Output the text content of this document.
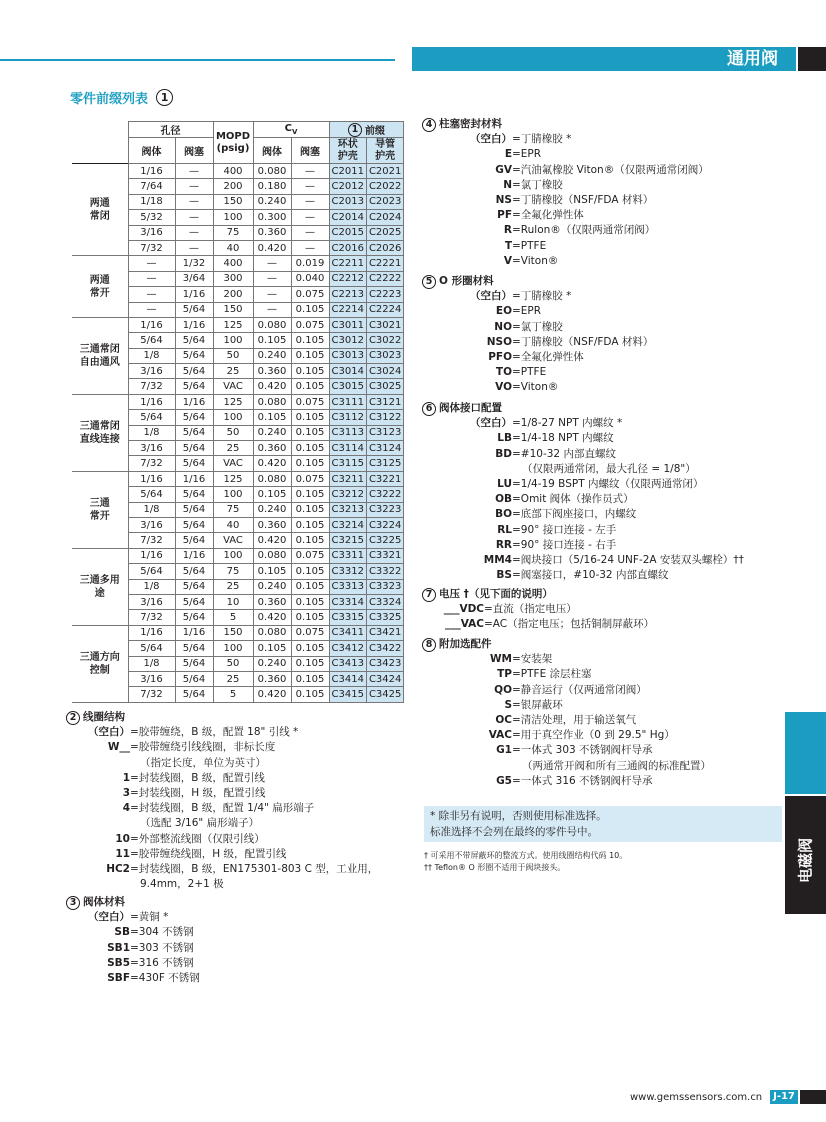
通用阀
零件前缀列表	1
	孔径		MOPD
(psig)	$C_V$		1 前缀	

	阀体	阀塞		阀体	阀塞	环状
护壳	导管
护壳

两通
常闭	1/16	—	400	0.080	—	C2011	C2021
	7/64	—	200	0.180	—	C2012	C2022
	1/18	—	150	0.240	—	C2013	C2023
	5/32	—	100	0.300	—	C2014	C2024
	3/16	—	75	0.360	—	C2015	C2025
	7/32	—	40	0.420	—	C2016	C2026

两通
常开	—	1/32	400	—	0.019	C2211	C2221
	—	3/64	300	—	0.040	C2212	C2222
	—	1/16	200	—	0.075	C2213	C2223
	—	5/64	150	—	0.105	C2214	C2224

三通常闭
自由通风	1/16	1/16	125	0.080	0.075	C3011	C3021
	5/64	5/64	100	0.105	0.105	C3012	C3022
	1/8	5/64	50	0.240	0.105	C3013	C3023
	3/16	5/64	25	0.360	0.105	C3014	C3024
	7/32	5/64	VAC	0.420	0.105	C3015	C3025

三通常闭
直线连接	1/16	1/16	125	0.080	0.075	C3111	C3121
	5/64	5/64	100	0.105	0.105	C3112	C3122
	1/8	5/64	50	0.240	0.105	C3113	C3123
	3/16	5/64	25	0.360	0.105	C3114	C3124
	7/32	5/64	VAC	0.420	0.105	C3115	C3125

三通
常开	1/16	1/16	125	0.080	0.075	C3211	C3221
	5/64	5/64	100	0.105	0.105	C3212	C3222
	1/8	5/64	75	0.240	0.105	C3213	C3223
	3/16	5/64	40	0.360	0.105	C3214	C3224
	7/32	5/64	VAC	0.420	0.105	C3215	C3225

三通多用
途	1/16	1/16	100	0.080	0.075	C3311	C3321
	5/64	5/64	75	0.105	0.105	C3312	C3322
	1/8	5/64	25	0.240	0.105	C3313	C3323
	3/16	5/64	10	0.360	0.105	C3314	C3324
	7/32	5/64	5	0.420	0.105	C3315	C3325

三通方向
控制	1/16	1/16	150	0.080	0.075	C3411	C3421
	5/64	5/64	100	0.105	0.105	C3412	C3422
	1/8	5/64	50	0.240	0.105	C3413	C3423
	3/16	5/64	25	0.360	0.105	C3414	C3424
	7/32	5/64	5	0.420	0.105	C3415	C3425
2 线圈结构
（空白） =胶带缠绕，B 级，配置 18" 引线 *
W__ =胶带缠绕引线线圈，非标长度
（指定长度，单位为英寸）
1 =封装线圈，B 级，配置引线
3 =封装线圈，H 级，配置引线
4 =封装线圈，B 级，配置 1/4" 扁形端子
（选配 3/16" 扁形端子）
10 =外部整流线圈（仅限引线）
11 =胶带缠绕线圈，H 级，配置引线
HC2 =封装线圈，B 级，EN175301-803 C 型，工业用，
9.4mm，2+1 极
3 阀体材料
（空白） =黄铜 *
SB =304 不锈钢
SB1 =303 不锈钢
SB5 =316 不锈钢
SBF =430F 不锈钢
4 柱塞密封材料
（空白） =丁腈橡胶 *
E =EPR
GV =汽油氟橡胶 Viton®（仅限两通常闭阀）
N =氯丁橡胶
NS =丁腈橡胶（NSF/FDA 材料）
PF =全氟化弹性体
R =Rulon®（仅限两通常闭阀）
T =PTFE
V =Viton®
5 O 形圈材料
（空白） =丁腈橡胶 *
EO =EPR
NO =氯丁橡胶
NSO =丁腈橡胶（NSF/FDA 材料）
PFO =全氟化弹性体
TO =PTFE
VO =Viton®
6 阀体接口配置
（空白） =1/8-27 NPT 内螺纹 *
LB =1/4-18 NPT 内螺纹
BD =#10-32 内部直螺纹
（仅限两通常闭，最大孔径 = 1/8"）
LU =1/4-19 BSPT 内螺纹（仅限两通常闭）
OB =Omit 阀体（操作员式）
BO =底部下阀座接口，内螺纹
RL =90° 接口连接 - 左手
RR =90° 接口连接 - 右手
MM4 =阀块接口（5/16-24 UNF-2A 安装双头螺栓）††
BS =阀塞接口，#10-32 内部直螺纹
7 电压 †（见下面的说明）
___VDC =直流（指定电压）
___VAC =AC（指定电压；包括铜制屏蔽环）
8 附加选配件
WM =安装架
TP =PTFE 涂层柱塞
QO =静音运行（仅两通常闭阀）
S =银屏蔽环
OC =清洁处理，用于输送氧气
VAC =用于真空作业（0 到 29.5" Hg）
G1 =一体式 303 不锈钢阀杆导承
（两通常开阀和所有三通阀的标准配置）
G5 =一体式 316 不锈钢阀杆导承
* 除非另有说明，否则使用标准选择。
标准选择不会列在最终的零件号中。
† 可采用不带屏蔽环的整流方式。使用线圈结构代码 10。
†† Teflon® O 形圈不适用于阀块接头。	电磁阀
www.gemssensors.com.cn	J-17
